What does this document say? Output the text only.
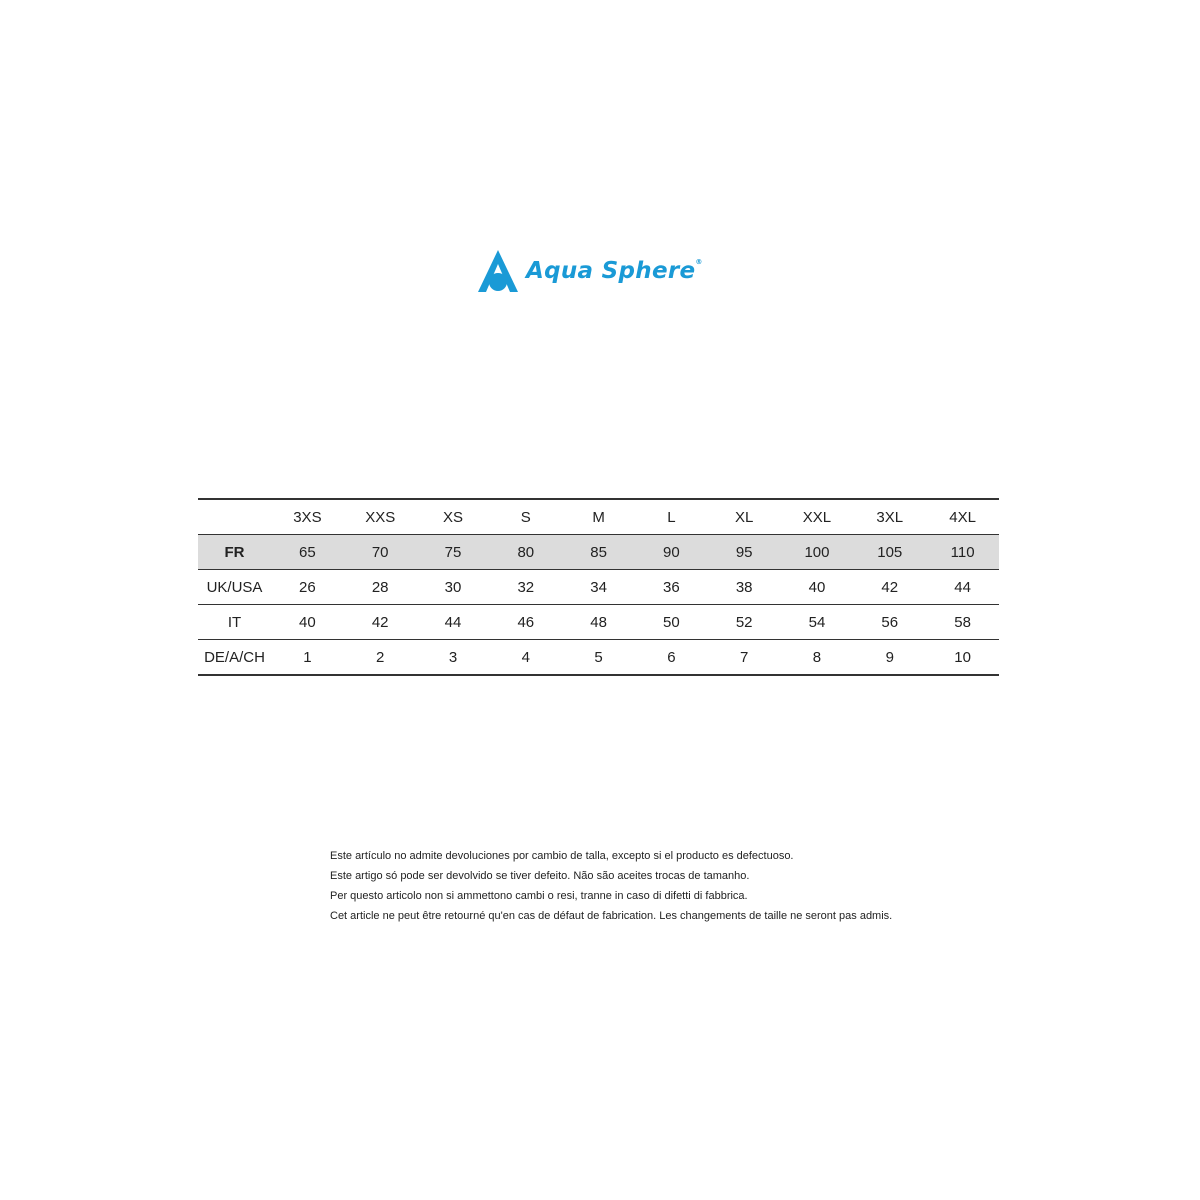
Aqua Sphere®
	3XS	XXS	XS	S	M	L	XL	XXL	3XL	4XL
FR	65	70	75	80	85	90	95	100	105	110
UK/USA	26	28	30	32	34	36	38	40	42	44
IT	40	42	44	46	48	50	52	54	56	58
DE/A/CH	1	2	3	4	5	6	7	8	9	10
Este artículo no admite devoluciones por cambio de talla, excepto si el producto es defectuoso.
Este artigo só pode ser devolvido se tiver defeito. Não são aceites trocas de tamanho.
Per questo articolo non si ammettono cambi o resi, tranne in caso di difetti di fabbrica.
Cet article ne peut être retourné qu'en cas de défaut de fabrication. Les changements de taille ne seront pas admis.
